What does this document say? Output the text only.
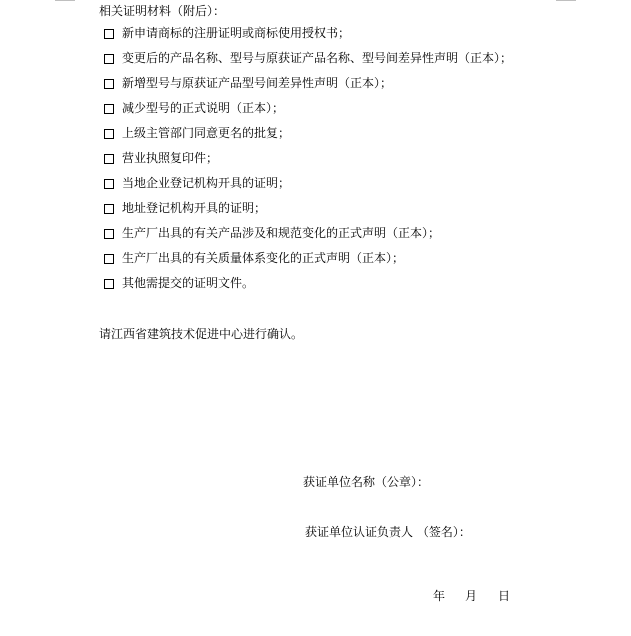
相关证明材料（附后）：
新申请商标的注册证明或商标使用授权书；
变更后的产品名称、型号与原获证产品名称、型号间差异性声明（正本）；
新增型号与原获证产品型号间差异性声明（正本）；
减少型号的正式说明（正本）；
上级主管部门同意更名的批复；
营业执照复印件；
当地企业登记机构开具的证明；
地址登记机构开具的证明；
生产厂出具的有关产品涉及和规范变化的正式声明（正本）；
生产厂出具的有关质量体系变化的正式声明（正本）；
其他需提交的证明文件。
请江西省建筑技术促进中心进行确认。
获证单位名称（公章）：
获证单位认证负责人 （签名）：
年 月 日
